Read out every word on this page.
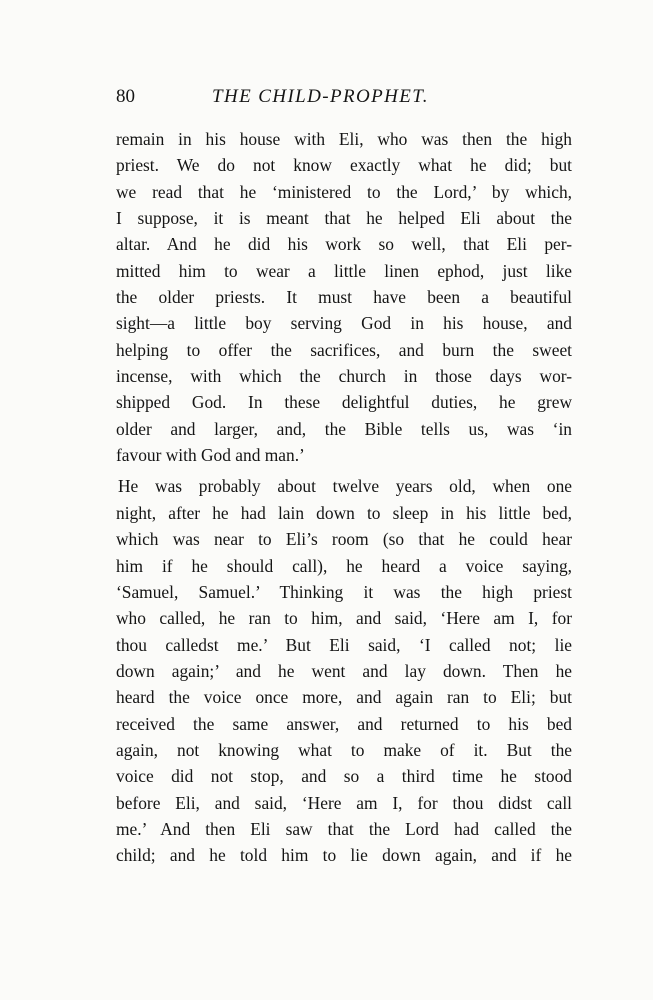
80	THE CHILD-PROPHET.
remain in his house with Eli, who was then the high
priest. We do not know exactly what he did; but
we read that he ‘ministered to the Lord,’ by which,
I suppose, it is meant that he helped Eli about the
altar. And he did his work so well, that Eli per-
mitted him to wear a little linen ephod, just like
the older priests. It must have been a beautiful
sight—a little boy serving God in his house, and
helping to offer the sacrifices, and burn the sweet
incense, with which the church in those days wor-
shipped God. In these delightful duties, he grew
older and larger, and, the Bible tells us, was ‘in
favour with God and man.’
He was probably about twelve years old, when one
night, after he had lain down to sleep in his little bed,
which was near to Eli’s room (so that he could hear
him if he should call), he heard a voice saying,
‘Samuel, Samuel.’ Thinking it was the high priest
who called, he ran to him, and said, ‘Here am I, for
thou calledst me.’ But Eli said, ‘I called not; lie
down again;’ and he went and lay down. Then he
heard the voice once more, and again ran to Eli; but
received the same answer, and returned to his bed
again, not knowing what to make of it. But the
voice did not stop, and so a third time he stood
before Eli, and said, ‘Here am I, for thou didst call
me.’ And then Eli saw that the Lord had called the
child; and he told him to lie down again, and if he
